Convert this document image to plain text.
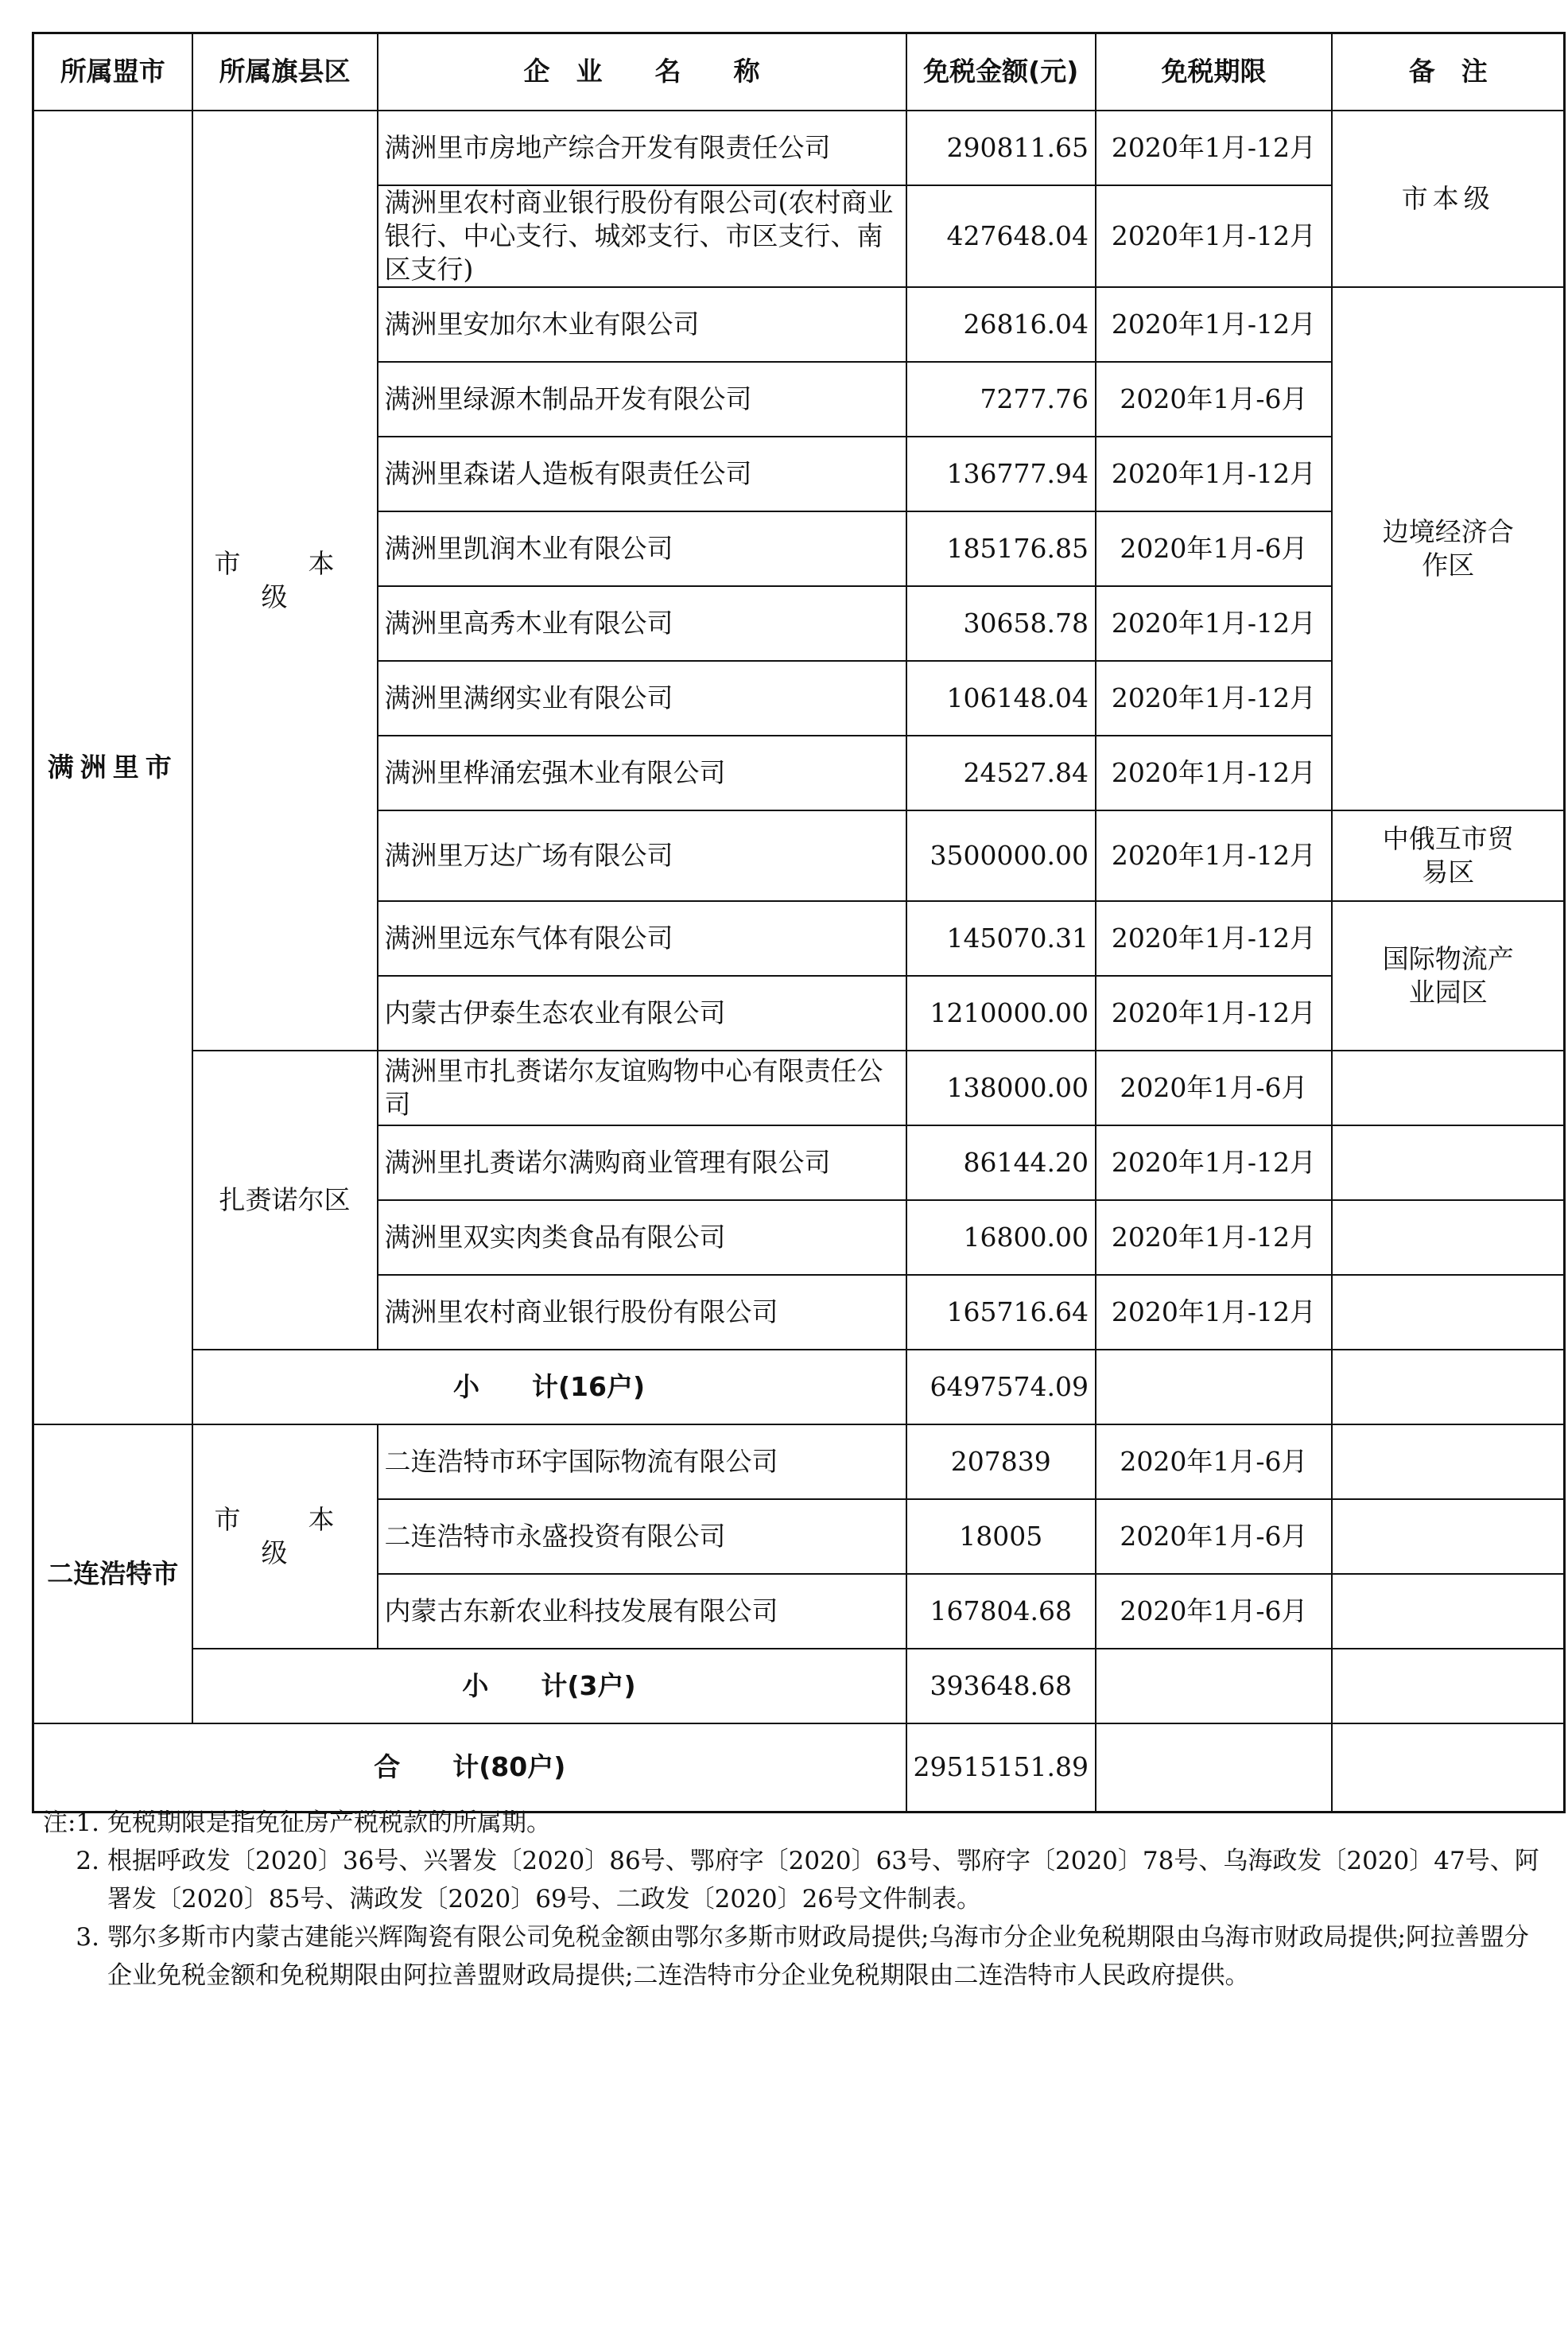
所属盟市	所属旗县区	企　业　　名　　称	免税金额(元)	免税期限	备　注
满洲里市	市　本　级	满洲里市房地产综合开发有限责任公司	290811.65	2020年1月-12月	市本级
		满洲里农村商业银行股份有限公司(农村商业银行、中心支行、城郊支行、市区支行、南区支行)	427648.04	2020年1月-12月	
		满洲里安加尔木业有限公司	26816.04	2020年1月-12月	边境经济合作区
		满洲里绿源木制品开发有限公司	7277.76	2020年1月-6月	
		满洲里森诺人造板有限责任公司	136777.94	2020年1月-12月	
		满洲里凯润木业有限公司	185176.85	2020年1月-6月	
		满洲里高秀木业有限公司	30658.78	2020年1月-12月	
		满洲里满纲实业有限公司	106148.04	2020年1月-12月	
		满洲里桦涌宏强木业有限公司	24527.84	2020年1月-12月	
		满洲里万达广场有限公司	3500000.00	2020年1月-12月	中俄互市贸易区
		满洲里远东气体有限公司	145070.31	2020年1月-12月	国际物流产业园区
		内蒙古伊泰生态农业有限公司	1210000.00	2020年1月-12月	
	扎赉诺尔区	满洲里市扎赉诺尔友谊购物中心有限责任公司	138000.00	2020年1月-6月	
		满洲里扎赉诺尔满购商业管理有限公司	86144.20	2020年1月-12月	
		满洲里双实肉类食品有限公司	16800.00	2020年1月-12月	
		满洲里农村商业银行股份有限公司	165716.64	2020年1月-12月	
	小　　计(16户)		6497574.09		
二连浩特市	市　本　级	二连浩特市环宇国际物流有限公司	207839	2020年1月-6月	
		二连浩特市永盛投资有限公司	18005	2020年1月-6月	
		内蒙古东新农业科技发展有限公司	167804.68	2020年1月-6月	
	小　　计(3户)		393648.68		
合　　计(80户)			29515151.89		
注:1. 免税期限是指免征房产税税款的所属期。
2. 根据呼政发〔2020〕36号、兴署发〔2020〕86号、鄂府字〔2020〕63号、鄂府字〔2020〕78号、乌海政发〔2020〕47号、阿署发〔2020〕85号、满政发〔2020〕69号、二政发〔2020〕26号文件制表。
3. 鄂尔多斯市内蒙古建能兴辉陶瓷有限公司免税金额由鄂尔多斯市财政局提供;乌海市分企业免税期限由乌海市财政局提供;阿拉善盟分企业免税金额和免税期限由阿拉善盟财政局提供;二连浩特市分企业免税期限由二连浩特市人民政府提供。
